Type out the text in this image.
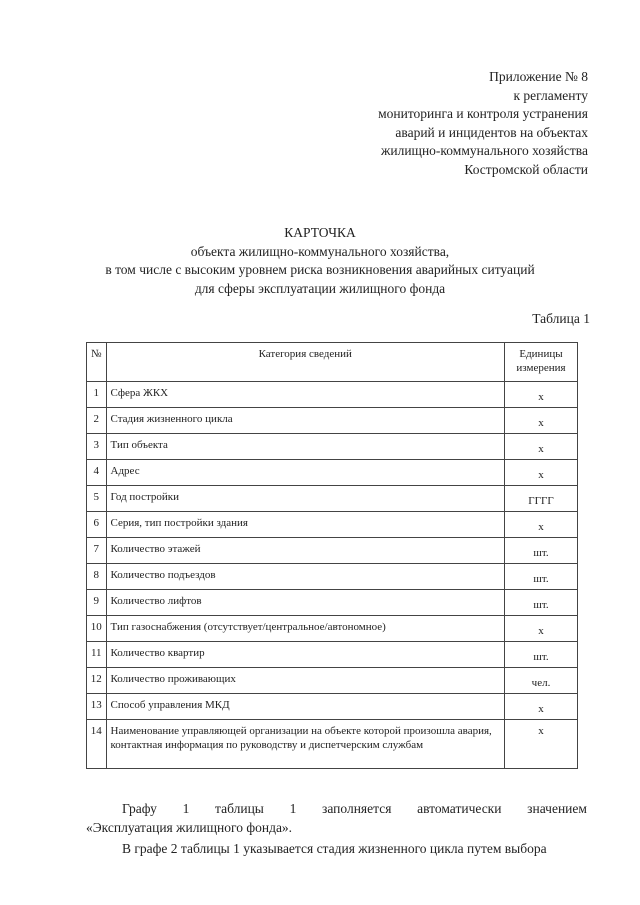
Приложение № 8
к регламенту
мониторинга и контроля устранения
аварий и инцидентов на объектах
жилищно-коммунального хозяйства
Костромской области
КАРТОЧКА
объекта жилищно-коммунального хозяйства,
в том числе с высоким уровнем риска возникновения аварийных ситуаций
для сферы эксплуатации жилищного фонда
Таблица 1
№	Категория сведений	Единицы измерения
1	Сфера ЖКХ	х
2	Стадия жизненного цикла	х
3	Тип объекта	х
4	Адрес	х
5	Год постройки	ГГГГ
6	Серия, тип постройки здания	х
7	Количество этажей	шт.
8	Количество подъездов	шт.
9	Количество лифтов	шт.
10	Тип газоснабжения (отсутствует/центральное/автономное)	х
11	Количество квартир	шт.
12	Количество проживающих	чел.
13	Способ управления МКД	х
14	Наименование управляющей организации на объекте которой произошла авария, контактная информация по руководству и диспетчерским службам	х
Графу 1 таблицы 1 заполняется автоматически значением
«Эксплуатация жилищного фонда».
В графе 2 таблицы 1 указывается стадия жизненного цикла путем выбора
